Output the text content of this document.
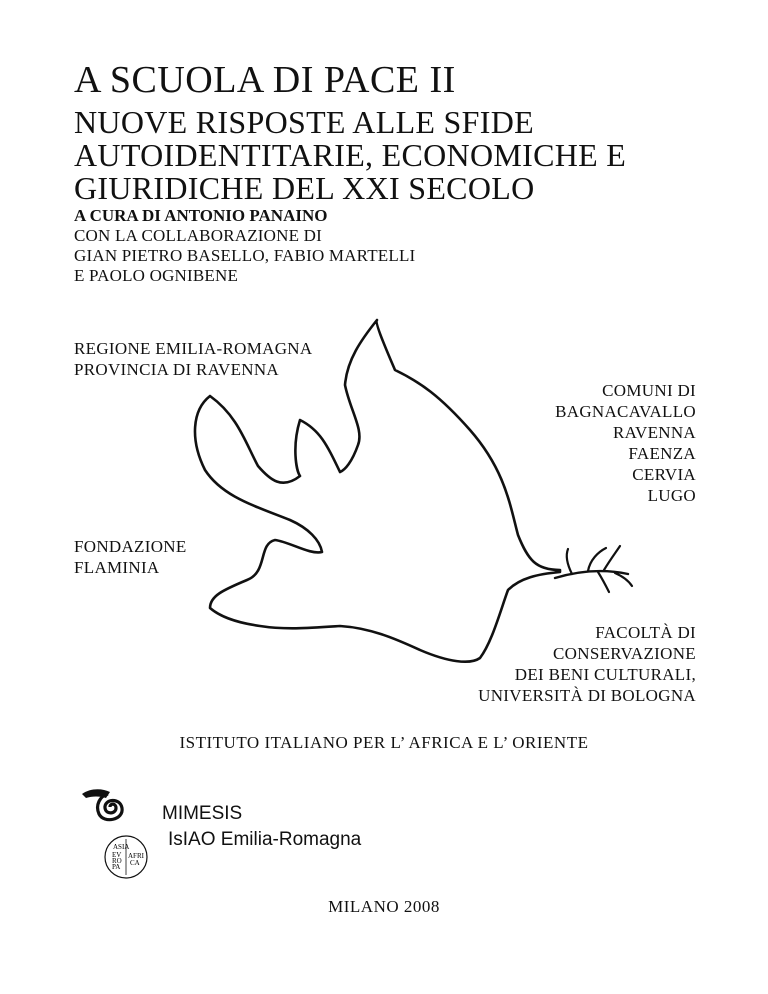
A SCUOLA DI PACE II
NUOVE RISPOSTE ALLE SFIDE
AUTOIDENTITARIE, ECONOMICHE E
GIURIDICHE DEL XXI SECOLO
A CURA DI ANTONIO PANAINO
CON LA COLLABORAZIONE DI
GIAN PIETRO BASELLO, FABIO MARTELLI
E PAOLO OGNIBENE
REGIONE EMILIA-ROMAGNA
PROVINCIA DI RAVENNA
COMUNI DI
BAGNACAVALLO
RAVENNA
FAENZA
CERVIA
LUGO
FONDAZIONE
FLAMINIA
FACOLTÀ DI
CONSERVAZIONE
DEI BENI CULTURALI,
UNIVERSITÀ DI BOLOGNA
ISTITUTO ITALIANO PER L’ AFRICA E L’ ORIENTE
ASIA
EV
RO
PA
AFRI
CA
MIMESIS
IsIAO Emilia-Romagna
MILANO 2008
